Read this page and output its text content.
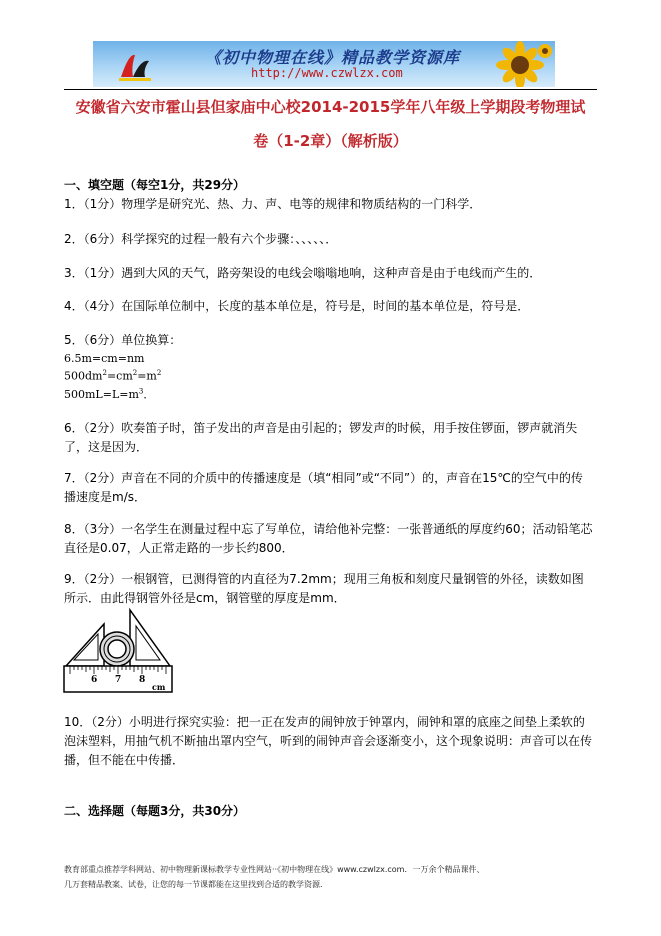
《初中物理在线》精品教学资源库
http://www.czwlzx.com
安徽省六安市霍山县但家庙中心校2014-2015学年八年级上学期段考物理试
卷（1-2章）（解析版）
一、填空题（每空1分，共29分）
1．（1分）物理学是研究光、热、力、声、电等的规律和物质结构的一门科学．
2．（6分）科学探究的过程一般有六个步骤：、、、、、．
3．（1分）遇到大风的天气，路旁架设的电线会嗡嗡地响，这种声音是由于电线而产生的．
4．（4分）在国际单位制中，长度的基本单位是，符号是，时间的基本单位是，符号是．
5．（6分）单位换算：
6.5m=cm=nm
$500dm^2=cm^2=m^2$
$500mL=L=m^3$．
6．（2分）吹奏笛子时，笛子发出的声音是由引起的；锣发声的时候，用手按住锣面，锣声就消失了，这是因为．
7．（2分）声音在不同的介质中的传播速度是（填“相同”或“不同”）的，声音在15℃的空气中的传播速度是m/s．
8．（3分）一名学生在测量过程中忘了写单位，请给他补完整：一张普通纸的厚度约60；活动铅笔芯直径是0.07，人正常走路的一步长约800．
9．（2分）一根钢管，已测得管的内直径为7.2mm；现用三角板和刻度尺量钢管的外径，读数如图所示．由此得钢管外径是cm，钢管壁的厚度是mm．
6 7 8
cm
10．（2分）小明进行探究实验：把一正在发声的闹钟放于钟罩内，闹钟和罩的底座之间垫上柔软的泡沫塑料，用抽气机不断抽出罩内空气，听到的闹钟声音会逐渐变小，这个现象说明：声音可以在传播，但不能在中传播．
二、选择题（每题3分，共30分）
教育部重点推荐学科网站、初中物理新课标教学专业性网站··《初中物理在线》www.czwlzx.com．一万余个精品课件、
几万套精品教案、试卷，让您的每一节课都能在这里找到合适的教学资源．
